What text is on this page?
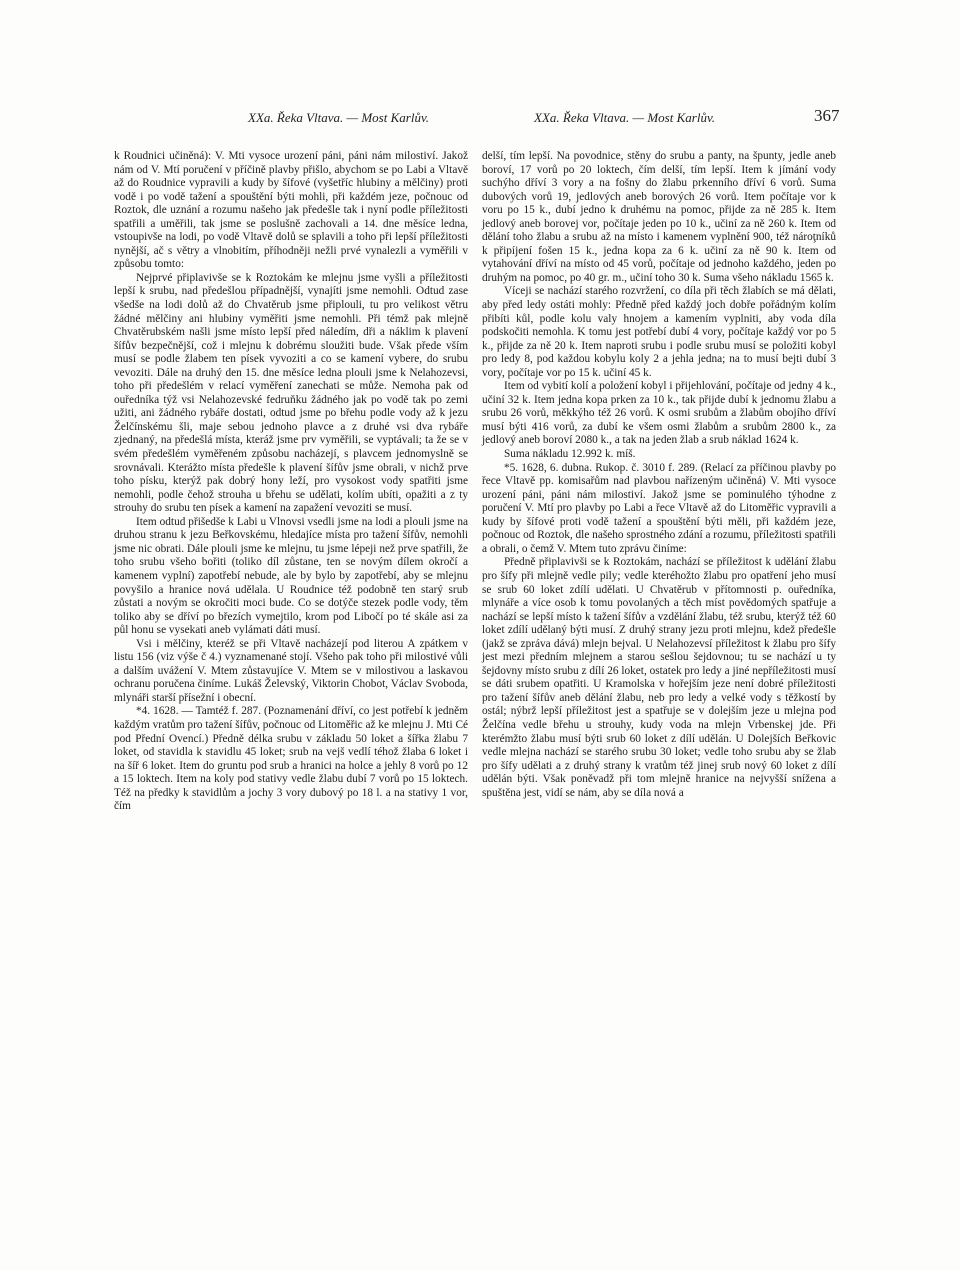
XXa. Řeka Vltava. — Most Karlův.	XXa. Řeka Vltava. — Most Karlův.	367

k Roudnici učiněná): V. Mti vysoce urození páni, páni nám milostiví. Jakož nám od V. Mtí poručení v příčině plavby přišlo, abychom se po Labi a Vltavě až do Roudnice vypravili a kudy by šífové (vyšetříc hlubiny a mělčiny) proti vodě i po vodě tažení a spouštění býti mohli, při každém jeze, počnouc od Roztok, dle uznání a rozumu našeho jak předešle tak i nyní podle příležitosti spatřili a uměřili, tak jsme se poslušně zachovali a 14. dne měsíce ledna, vstoupivše na lodi, po vodě Vltavě dolů se splavili a toho při lepší příležitosti nynější, ač s větry a vlnobitím, příhodněji nežli prvé vynalezli a vyměřili v způsobu tomto:

Nejprvé připlavivše se k Roztokám ke mlejnu jsme vyšli a příležitosti lepší k srubu, nad předešlou případnější, vynajíti jsme nemohli. Odtud zase všedše na lodi dolů až do Chvatěrub jsme připlouli, tu pro velikost větru žádné mělčiny ani hlubiny vyměřiti jsme nemohli. Při témž pak mlejně Chvatěrubském našli jsme místo lepší před náledím, dři a náklim k plavení šífův bezpečnější, což i mlejnu k dobrému sloužiti bude. Však přede vším musí se podle žlabem ten písek vyvoziti a co se kamení vybere, do srubu vevoziti. Dále na druhý den 15. dne měsíce ledna plouli jsme k Nelahozevsi, toho při předešlém v relací vyměření zanechati se může. Nemoha pak od ouředníka týž vsi Nelahozevské fedruňku žádného jak po vodě tak po zemi užiti, ani žádného rybáře dostati, odtud jsme po břehu podle vody až k jezu Želčínskému šli, maje sebou jednoho plavce a z druhé vsi dva rybáře zjednaný, na předešlá místa, kteráž jsme prv vyměřili, se vyptávali; ta že se v svém předešlém vyměřeném způsobu nacházejí, s plavcem jednomyslně se srovnávali. Kterážto místa předešle k plavení šífův jsme obrali, v nichž prve toho písku, kterýž pak dobrý hony leží, pro vysokost vody spatřiti jsme nemohli, podle čehož strouha u břehu se udělati, kolím ubíti, opažiti a z ty strouhy do srubu ten písek a kamení na zapažení vevoziti se musí.

Item odtud přišedše k Labi u Vlnovsi vsedli jsme na lodi a plouli jsme na druhou stranu k jezu Beřkovskému, hledajíce místa pro tažení šífův, nemohli jsme nic obrati. Dále plouli jsme ke mlejnu, tu jsme lépeji než prve spatřili, že toho srubu všeho bořiti (toliko díl zůstane, ten se novým dílem okročí a kamenem vyplní) zapotřebí nebude, ale by bylo by zapotřebí, aby se mlejnu povyšilo a hranice nová udělala. U Roudnice též podobně ten starý srub zůstati a novým se okročiti moci bude. Co se dotýče stezek podle vody, těm toliko aby se dříví po březích vymejtilo, krom pod Libočí po té skále asi za půl honu se vysekati aneb vylámati dáti musí.

Vsi i mělčiny, kteréž se při Vltavě nacházejí pod literou A zpátkem v listu 156 (viz výše č 4.) vyznamenané stojí. Všeho pak toho při milostivé vůli a dalším uvážení V. Mtem zůstavujíce V. Mtem se v milostivou a laskavou ochranu poručena činíme. Lukáš Želevský, Viktorin Chobot, Václav Svoboda, mlynáři starší přísežní i obecní.

*4. 1628. — Tamtéž f. 287. (Poznamenání dříví, co jest potřebí k jedněm každým vratům pro tažení šífův, počnouc od Litoměřic až ke mlejnu J. Mti Cé pod Přední Ovencí.) Předně délka srubu v základu 50 loket a šířka žlabu 7 loket, od stavidla k stavidlu 45 loket; srub na vejš vedlí téhož žlaba 6 loket i na šíř 6 loket. Item do gruntu pod srub a hranici na holce a jehly 8 vorů po 12 a 15 loktech. Item na koly pod stativy vedle žlabu dubí 7 vorů po 15 loktech. Též na předky k stavidlům a jochy 3 vory dubový po 18 l. a na stativy 1 vor, čím

delší, tím lepší. Na povodnice, stěny do srubu a panty, na špunty, jedle aneb boroví, 17 vorů po 20 loktech, čím delší, tím lepší. Item k jímání vody suchýho dříví 3 vory a na fošny do žlabu prkenního dříví 6 vorů. Suma dubových vorů 19, jedlových aneb borových 26 vorů. Item počítaje vor k voru po 15 k., dubí jedno k druhému na pomoc, přijde za ně 285 k. Item jedlový aneb borovej vor, počítaje jeden po 10 k., učiní za ně 260 k. Item od dělání toho žlabu a srubu až na místo i kamenem vyplnění 900, též nároţníků k připíjení fošen 15 k., jedna kopa za 6 k. učiní za ně 90 k. Item od vytahování dříví na místo od 45 vorů, počítaje od jednoho každého, jeden po druhým na pomoc, po 40 gr. m., učiní toho 30 k. Suma všeho nákladu 1565 k.

Víceji se nachází starého rozvržení, co díla při těch žlabích se má dělati, aby před ledy ostáti mohly: Předně před každý joch dobře pořádným kolím přibíti kůl, podle kolu valy hnojem a kamením vyplniti, aby voda díla podskočiti nemohla. K tomu jest potřebí dubí 4 vory, počítaje každý vor po 5 k., přijde za ně 20 k. Item naproti srubu i podle srubu musí se položiti kobyl pro ledy 8, pod každou kobylu koly 2 a jehla jedna; na to musí bejti dubí 3 vory, počítaje vor po 15 k. učiní 45 k.

Item od vybití kolí a položení kobyl i přijehlování, počítaje od jedny 4 k., učiní 32 k. Item jedna kopa prken za 10 k., tak přijde dubí k jednomu žlabu a srubu 26 vorů, měkkýho též 26 vorů. K osmi srubům a žlabům obojího dříví musí býti 416 vorů, za dubí ke všem osmi žlabům a srubům 2800 k., za jedlový aneb boroví 2080 k., a tak na jeden žlab a srub náklad 1624 k.

Suma nákladu 12.992 k. míš.

*5. 1628, 6. dubna. Rukop. č. 3010 f. 289. (Relací za příčinou plavby po řece Vltavě pp. komisařům nad plavbou nařízeným učiněná) V. Mti vysoce urození páni, páni nám milostiví. Jakož jsme se pominulého týhodne z poručení V. Mtí pro plavby po Labi a řece Vltavě až do Litoměřic vypravili a kudy by šífové proti vodě tažení a spouštění býti měli, při každém jeze, počnouc od Roztok, dle našeho sprostného zdání a rozumu, příležitosti spatřili a obrali, o čemž V. Mtem tuto zprávu činíme:

Předně připlavivši se k Roztokám, nachází se příležitost k udělání žlabu pro šífy při mlejně vedle pily; vedle kteréhožto žlabu pro opatření jeho musí se srub 60 loket zdílí udělati. U Chvatěrub v přítomnosti p. ouředníka, mlynáře a více osob k tomu povolaných a těch míst povědomých spatřuje a nachází se lepší místo k tažení šífův a vzdělání žlabu, též srubu, kterýž též 60 loket zdílí udělaný býti musí. Z druhý strany jezu proti mlejnu, kdež předešle (jakž se zpráva dává) mlejn bejval. U Nelahozevsí příležitost k žlabu pro šífy jest mezi předním mlejnem a starou sešlou šejdovnou; tu se nachází u ty šejdovny místo srubu z dílí 26 loket, ostatek pro ledy a jiné nepříležitosti musí se dáti srubem opatřiti. U Kramolska v hořejším jeze není dobré příležitosti pro tažení šífův aneb dělání žlabu, neb pro ledy a velké vody s těžkostí by ostál; nýbrž lepší příležitost jest a spatřuje se v dolejším jeze u mlejna pod Želčína vedle břehu u strouhy, kudy voda na mlejn Vrbenskej jde. Při kterémžto žlabu musí býti srub 60 loket z dílí udělán. U Dolejších Beřkovic vedle mlejna nachází se starého srubu 30 loket; vedle toho srubu aby se žlab pro šífy udělati a z druhý strany k vratům též jinej srub nový 60 loket z dílí udělán býti. Však poněvadž při tom mlejně hranice na nejvyšší snížena a spuštěna jest, vidí se nám, aby se díla nová a
